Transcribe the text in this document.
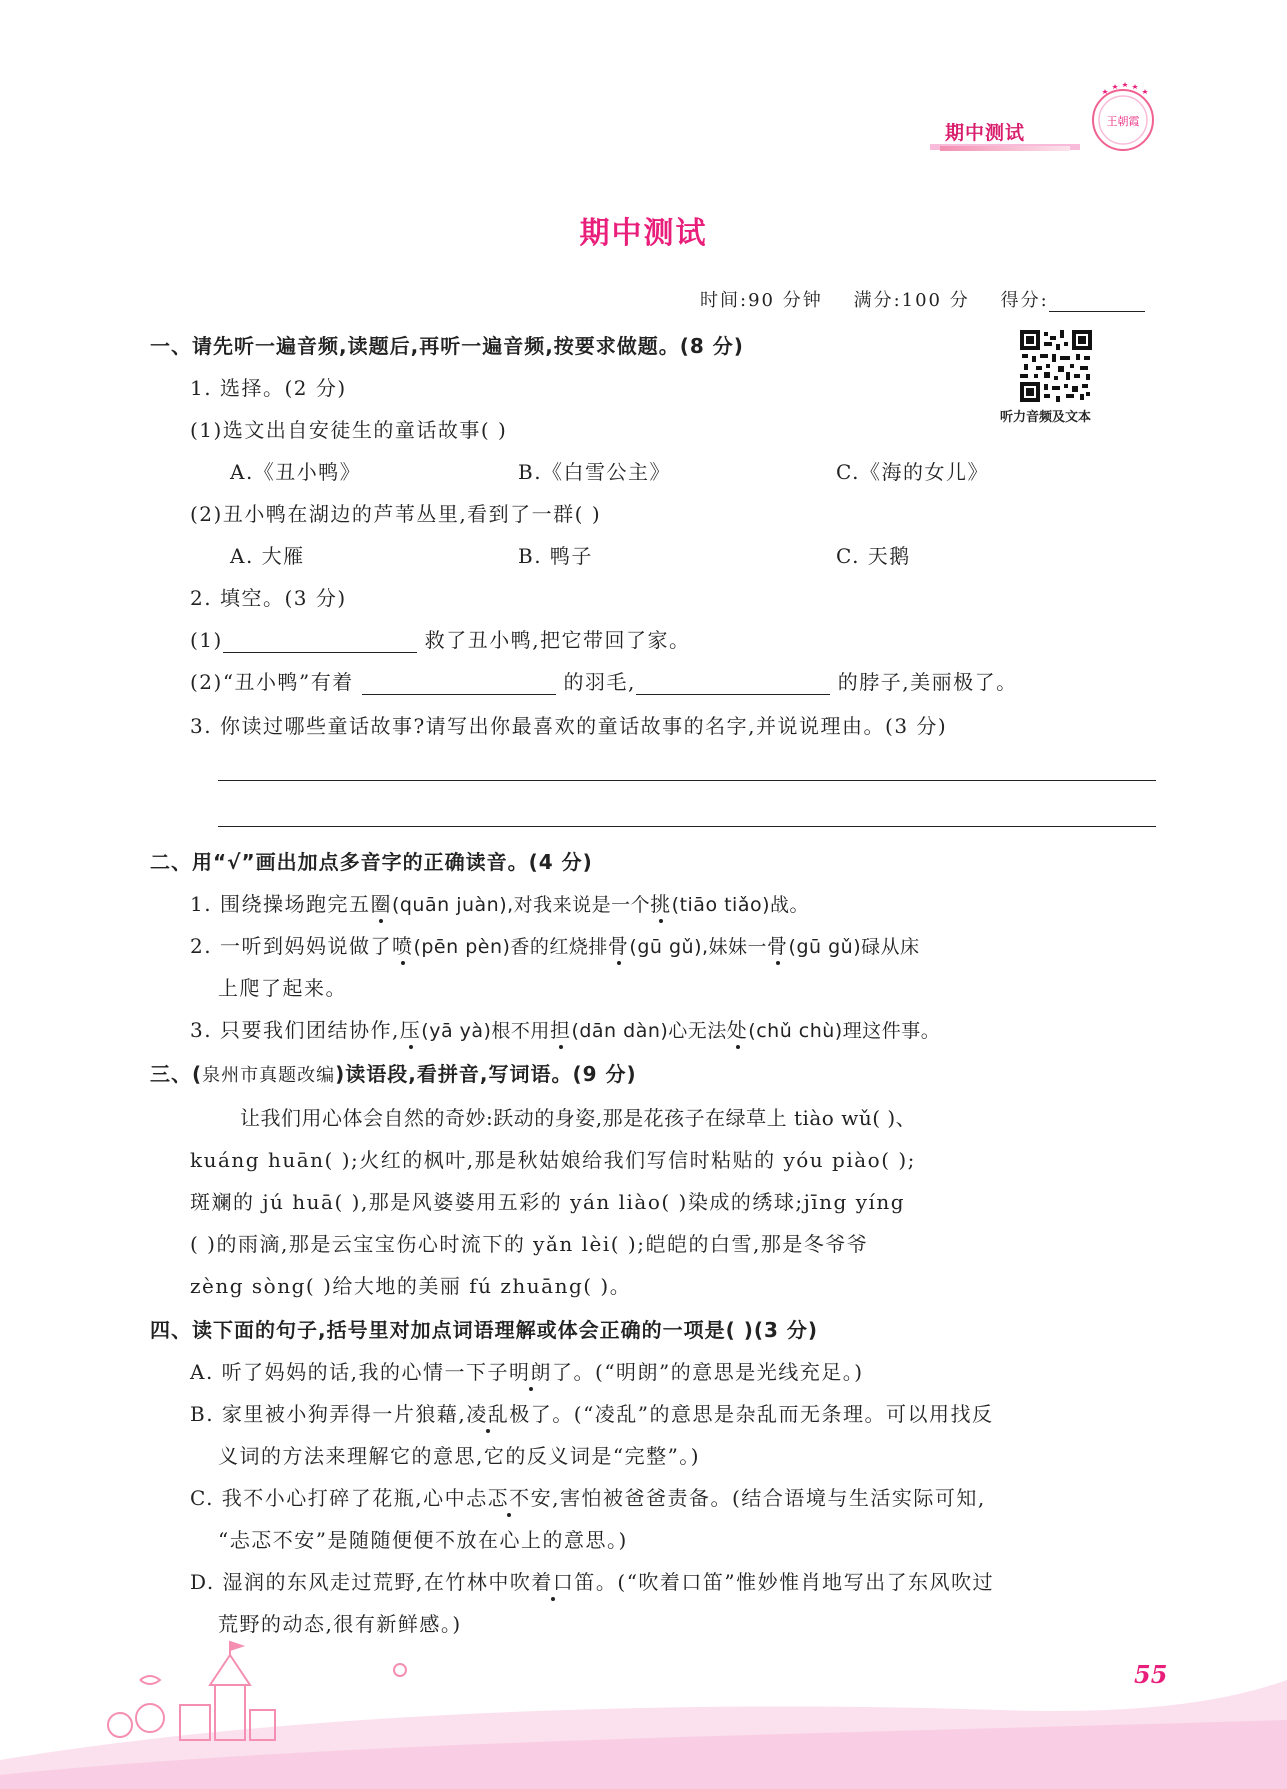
期中测试
王朝霞
期中测试
时间:90 分钟 满分:100 分 得分:
听力音频及文本
一、请先听一遍音频,读题后,再听一遍音频,按要求做题。(8 分)
1. 选择。(2 分)
(1)选文出自安徒生的童话故事( )
A.《丑小鸭》	B.《白雪公主》	C.《海的女儿》
(2)丑小鸭在湖边的芦苇丛里,看到了一群( )
A. 大雁	B. 鸭子	C. 天鹅
2. 填空。(3 分)
(1)	救了丑小鸭,把它带回了家。
(2)“丑小鸭”有着	的羽毛,	的脖子,美丽极了。
3. 你读过哪些童话故事?请写出你最喜欢的童话故事的名字,并说说理由。(3 分)
二、用“√”画出加点多音字的正确读音。(4 分)
1. 围绕操场跑完五圈(quān juàn),对我来说是一个挑(tiāo tiǎo)战。
2. 一听到妈妈说做了喷(pēn pèn)香的红烧排骨(gū gǔ),妹妹一骨(gū gǔ)碌从床
上爬了起来。
3. 只要我们团结协作,压(yā yà)根不用担(dān dàn)心无法处(chǔ chù)理这件事。
三、(泉州市真题改编)读语段,看拼音,写词语。(9 分)
让我们用心体会自然的奇妙:跃动的身姿,那是花孩子在绿草上 tiào wǔ( )、
kuáng huān( );火红的枫叶,那是秋姑娘给我们写信时粘贴的 yóu piào( );
斑斓的 jú huā( ),那是风婆婆用五彩的 yán liào( )染成的绣球;jīng yíng
( )的雨滴,那是云宝宝伤心时流下的 yǎn lèi( );皑皑的白雪,那是冬爷爷
zèng sòng( )给大地的美丽 fú zhuāng( )。
四、读下面的句子,括号里对加点词语理解或体会正确的一项是( )(3 分)
A. 听了妈妈的话,我的心情一下子明朗了。(“明朗”的意思是光线充足。)
B. 家里被小狗弄得一片狼藉,凌乱极了。(“凌乱”的意思是杂乱而无条理。可以用找反
义词的方法来理解它的意思,它的反义词是“完整”。)
C. 我不小心打碎了花瓶,心中忐忑不安,害怕被爸爸责备。(结合语境与生活实际可知,
“忐忑不安”是随随便便不放在心上的意思。)
D. 湿润的东风走过荒野,在竹林中吹着口笛。(“吹着口笛”惟妙惟肖地写出了东风吹过
荒野的动态,很有新鲜感。)
55
